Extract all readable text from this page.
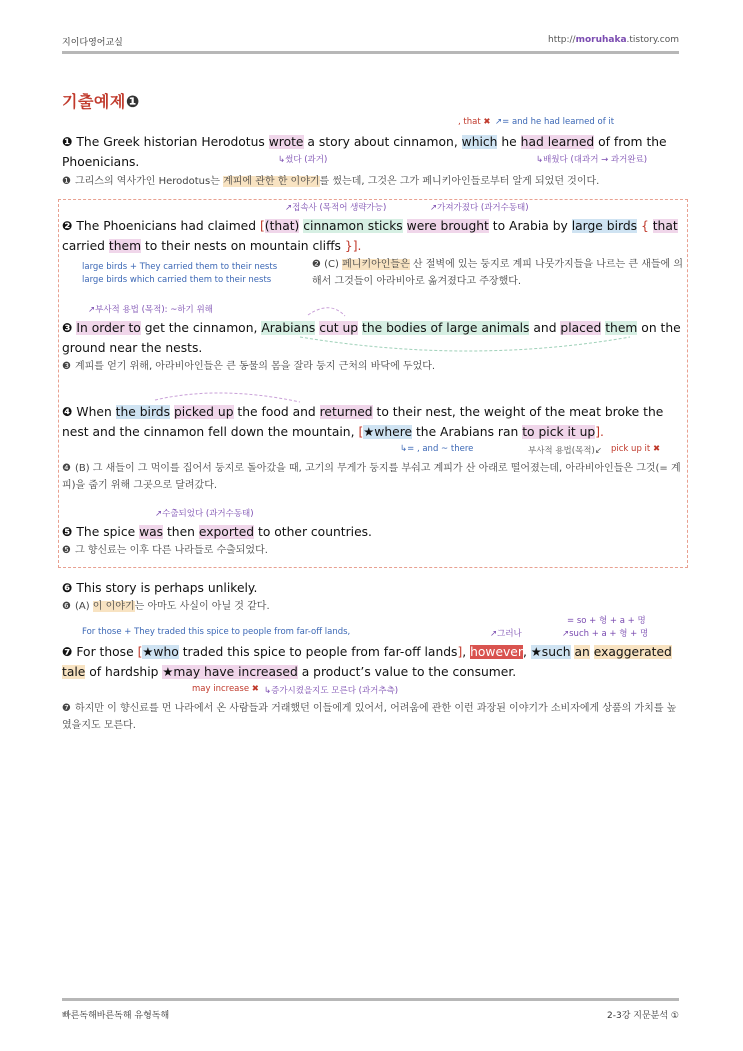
지이다영어교실	http://moruhaka.tistory.com
기출예제❶
, that ✖ ↗= and he had learned of it
❶ The Greek historian Herodotus wrote a story about cinnamon, which he had learned of from the Phoenicians.	↳썼다 (과거)	↳배웠다 (대과거 → 과거완료)
❶ 그리스의 역사가인 Herodotus는 계피에 관한 한 이야기를 썼는데, 그것은 그가 페니키아인들로부터 알게 되었던 것이다.
↗접속사 (목적어 생략가능)	↗가져가졌다 (과거수동태)
❷ The Phoenicians had claimed [(that) cinnamon sticks were brought to Arabia by large birds { that carried them to their nests on mountain cliffs }].
large birds + They carried them to their nests
large birds which carried them to their nests
❷ (C) 페니키아인들은 산 절벽에 있는 둥지로 계피 나뭇가지들을 나르는 큰 새들에 의해서 그것들이 아라비아로 옮겨졌다고 주장했다.
↗부사적 용법 (목적): ~하기 위해
❸ In order to get the cinnamon, Arabians cut up the bodies of large animals and placed them on the ground near the nests.
❸ 계피를 얻기 위해, 아라비아인들은 큰 동물의 몸을 잘라 둥지 근처의 바닥에 두었다.
❹ When the birds picked up the food and returned to their nest, the weight of the meat broke the nest and the cinnamon fell down the mountain, [★where the Arabians ran to pick it up].
↳= , and ~ there	부사적 용법(목적)↙ pick up it ✖
❹ (B) 그 새들이 그 먹이를 집어서 둥지로 돌아갔을 때, 고기의 무게가 둥지를 부숴고 계피가 산 아래로 떨어졌는데, 아라비아인들은 그것(= 계피)을 줍기 위해 그곳으로 달려갔다.
↗수출되었다 (과거수동태)
❺ The spice was then exported to other countries.
❺ 그 향신료는 이후 다른 나라들로 수출되었다.
❻ This story is perhaps unlikely.
❻ (A) 이 이야기는 아마도 사실이 아닐 것 같다.
= so + 형 + a + 명
For those + They traded this spice to people from far-off lands,	↗그러나	↗such + a + 형 + 명
❼ For those [★who traded this spice to people from far-off lands], however, ★such an exaggerated tale of hardship ★may have increased a product’s value to the consumer.
may increase ✖ ↳증가시켰을지도 모른다 (과거추측)
❼ 하지만 이 향신료를 먼 나라에서 온 사람들과 거래했던 이들에게 있어서, 어려움에 관한 이런 과장된 이야기가 소비자에게 상품의 가치를 높였을지도 모른다.
빠른독해바른독해 유형독해	2-3강 지문분석 ①
